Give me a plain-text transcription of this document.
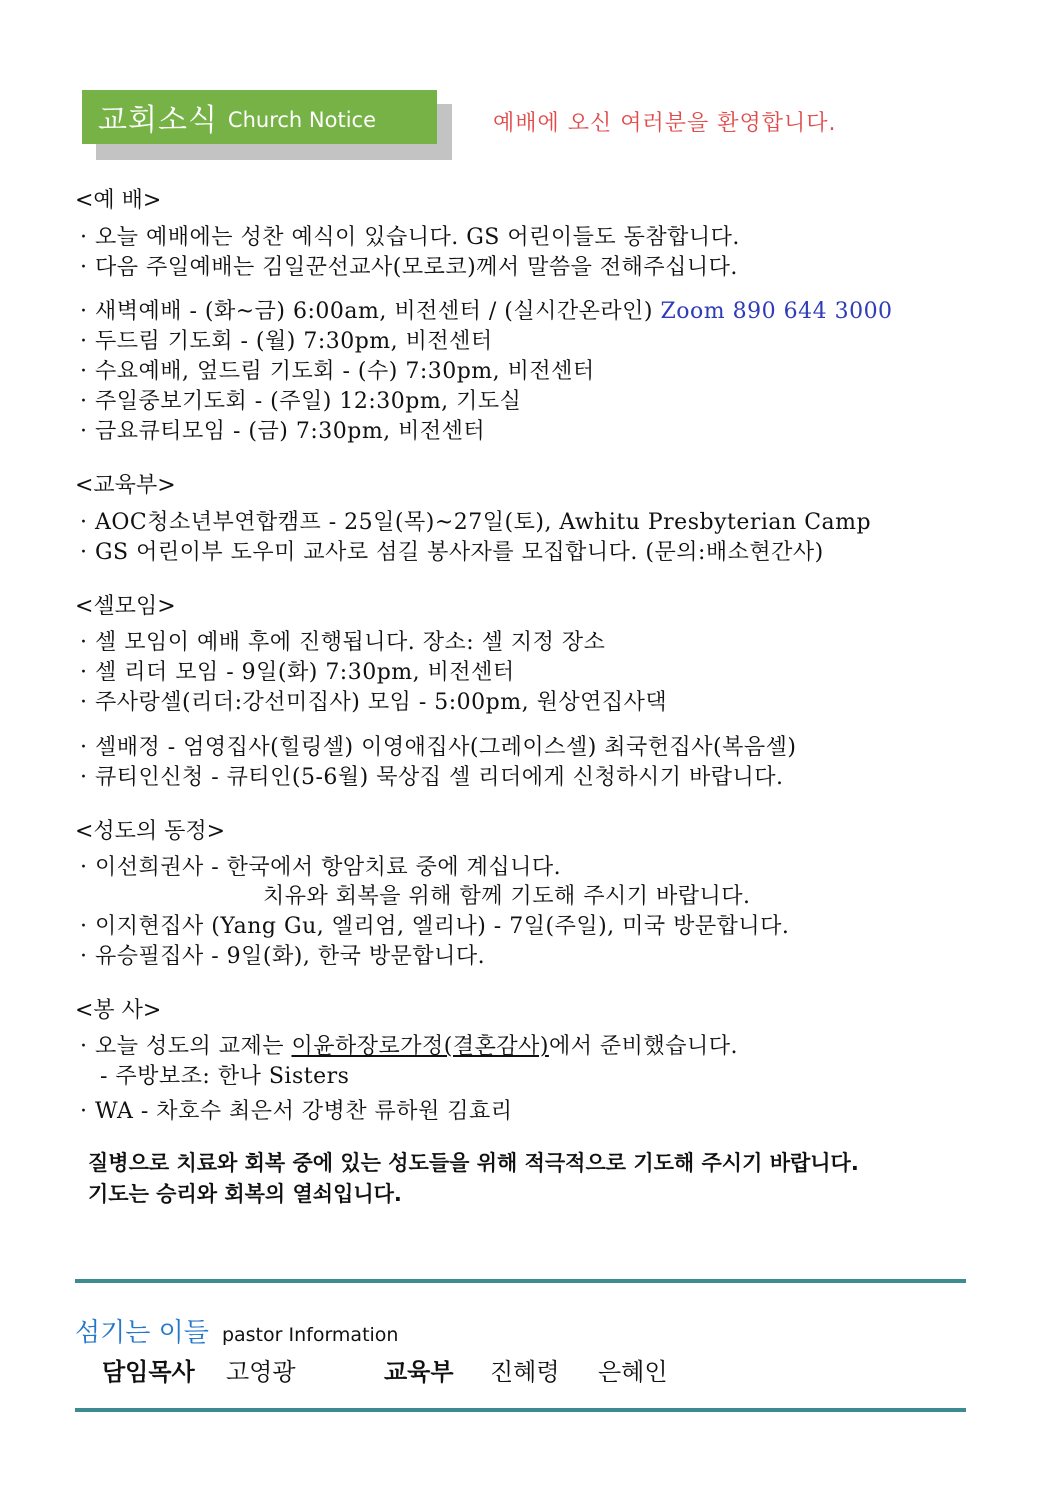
교회소식 Church Notice	예배에 오신 여러분을 환영합니다.
<예 배>
· 오늘 예배에는 성찬 예식이 있습니다. GS 어린이들도 동참합니다.
· 다음 주일예배는 김일꾼선교사(모로코)께서 말씀을 전해주십니다.
· 새벽예배 - (화~금) 6:00am, 비전센터 / (실시간온라인) Zoom 890 644 3000
· 두드림 기도회 - (월) 7:30pm, 비전센터
· 수요예배, 엎드림 기도회 - (수) 7:30pm, 비전센터
· 주일중보기도회 - (주일) 12:30pm, 기도실
· 금요큐티모임 - (금) 7:30pm, 비전센터
<교육부>
· AOC청소년부연합캠프 - 25일(목)~27일(토), Awhitu Presbyterian Camp
· GS 어린이부 도우미 교사로 섬길 봉사자를 모집합니다. (문의:배소현간사)
<셀모임>
· 셀 모임이 예배 후에 진행됩니다. 장소: 셀 지정 장소
· 셀 리더 모임 - 9일(화) 7:30pm, 비전센터
· 주사랑셀(리더:강선미집사) 모임 - 5:00pm, 원상연집사댁
· 셀배정 - 엄영집사(힐링셀) 이영애집사(그레이스셀) 최국헌집사(복음셀)
· 큐티인신청 - 큐티인(5-6월) 묵상집 셀 리더에게 신청하시기 바랍니다.
<성도의 동정>
· 이선희권사 - 한국에서 항암치료 중에 계십니다.
치유와 회복을 위해 함께 기도해 주시기 바랍니다.
· 이지현집사 (Yang Gu, 엘리엄, 엘리나) - 7일(주일), 미국 방문합니다.
· 유승필집사 - 9일(화), 한국 방문합니다.
<봉 사>
· 오늘 성도의 교제는 이윤하장로가정(결혼감사)에서 준비했습니다.
- 주방보조: 한나 Sisters
· WA - 차호수 최은서 강병찬 류하원 김효리
질병으로 치료와 회복 중에 있는 성도들을 위해 적극적으로 기도해 주시기 바랍니다.
기도는 승리와 회복의 열쇠입니다.
섬기는 이들 pastor Information
담임목사 고영광	교육부 진혜령 은혜인
